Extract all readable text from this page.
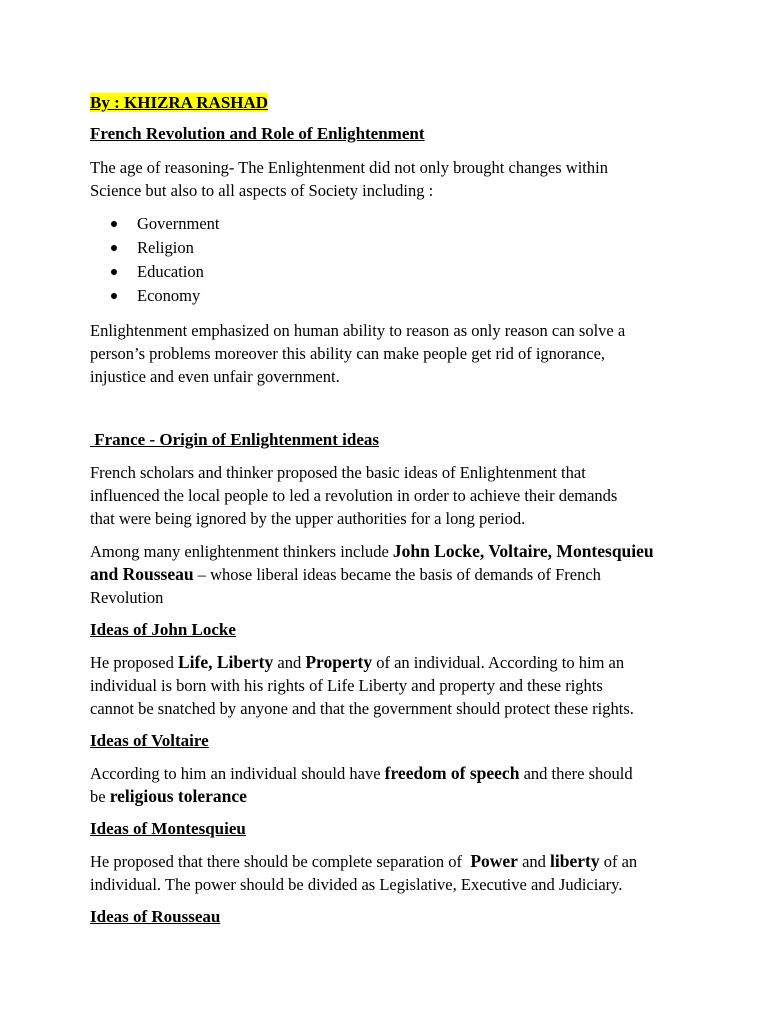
By : KHIZRA RASHAD
French Revolution and Role of Enlightenment

The age of reasoning- The Enlightenment did not only brought changes within
Science but also to all aspects of Society including :

Government
Religion
Education
Economy

Enlightenment emphasized on human ability to reason as only reason can solve a
person’s problems moreover this ability can make people get rid of ignorance,
injustice and even unfair government.

France - Origin of Enlightenment ideas

French scholars and thinker proposed the basic ideas of Enlightenment that
influenced the local people to led a revolution in order to achieve their demands
that were being ignored by the upper authorities for a long period.

Among many enlightenment thinkers include John Locke, Voltaire, Montesquieu
and Rousseau – whose liberal ideas became the basis of demands of French
Revolution

Ideas of John Locke

He proposed Life, Liberty and Property of an individual. According to him an
individual is born with his rights of Life Liberty and property and these rights
cannot be snatched by anyone and that the government should protect these rights.

Ideas of Voltaire

According to him an individual should have freedom of speech and there should
be religious tolerance

Ideas of Montesquieu

He proposed that there should be complete separation of  Power and liberty of an
individual. The power should be divided as Legislative, Executive and Judiciary.

Ideas of Rousseau
